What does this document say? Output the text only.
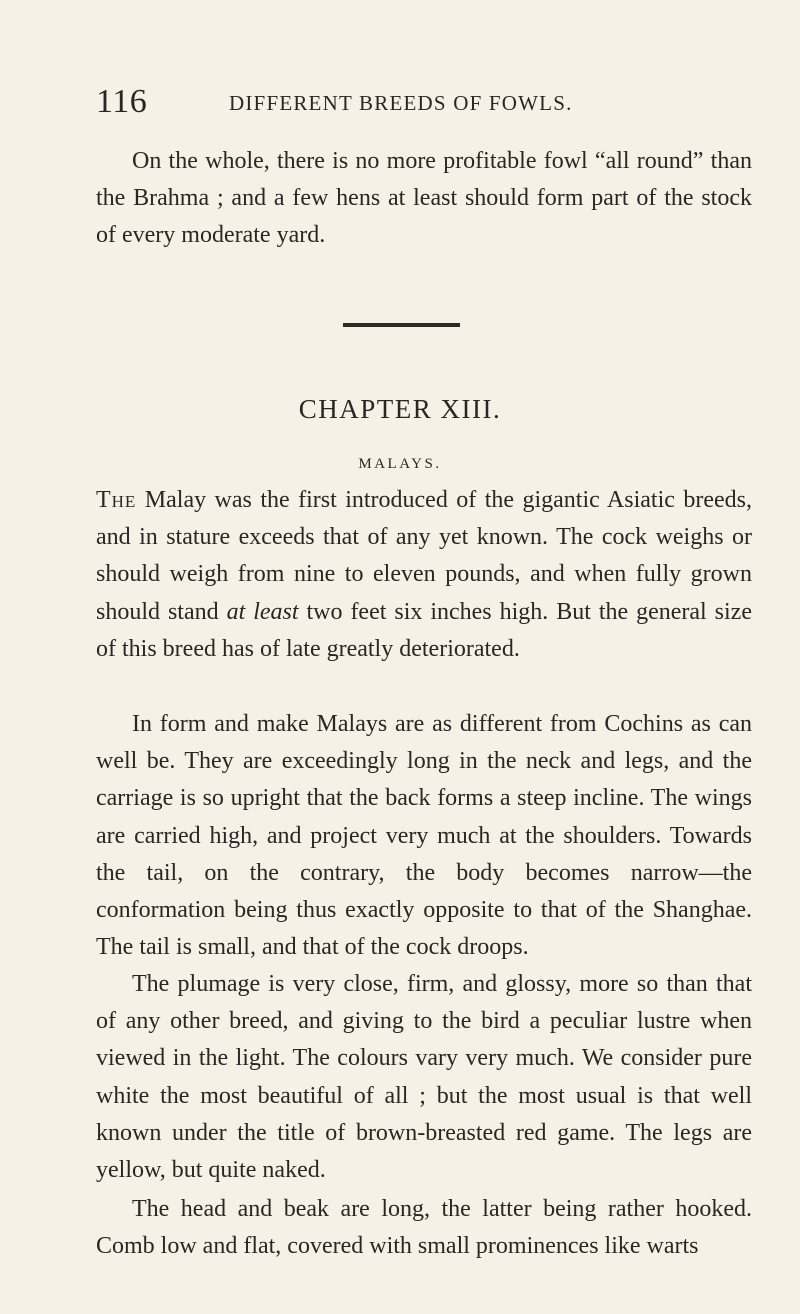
116	DIFFERENT BREEDS OF FOWLS.

On the whole, there is no more profitable fowl “all round” than the Brahma ; and a few hens at least should form part of the stock of every moderate yard.

CHAPTER XIII.
MALAYS.

The Malay was the first introduced of the gigantic Asiatic breeds, and in stature exceeds that of any yet known. The cock weighs or should weigh from nine to eleven pounds, and when fully grown should stand at least two feet six inches high. But the general size of this breed has of late greatly deteriorated.

In form and make Malays are as different from Cochins as can well be. They are exceedingly long in the neck and legs, and the carriage is so upright that the back forms a steep incline. The wings are carried high, and project very much at the shoulders. Towards the tail, on the contrary, the body becomes narrow—the conformation being thus exactly opposite to that of the Shanghae. The tail is small, and that of the cock droops.

The plumage is very close, firm, and glossy, more so than that of any other breed, and giving to the bird a peculiar lustre when viewed in the light. The colours vary very much. We consider pure white the most beautiful of all ; but the most usual is that well known under the title of brown-breasted red game. The legs are yellow, but quite naked.

The head and beak are long, the latter being rather hooked. Comb low and flat, covered with small prominences like warts
